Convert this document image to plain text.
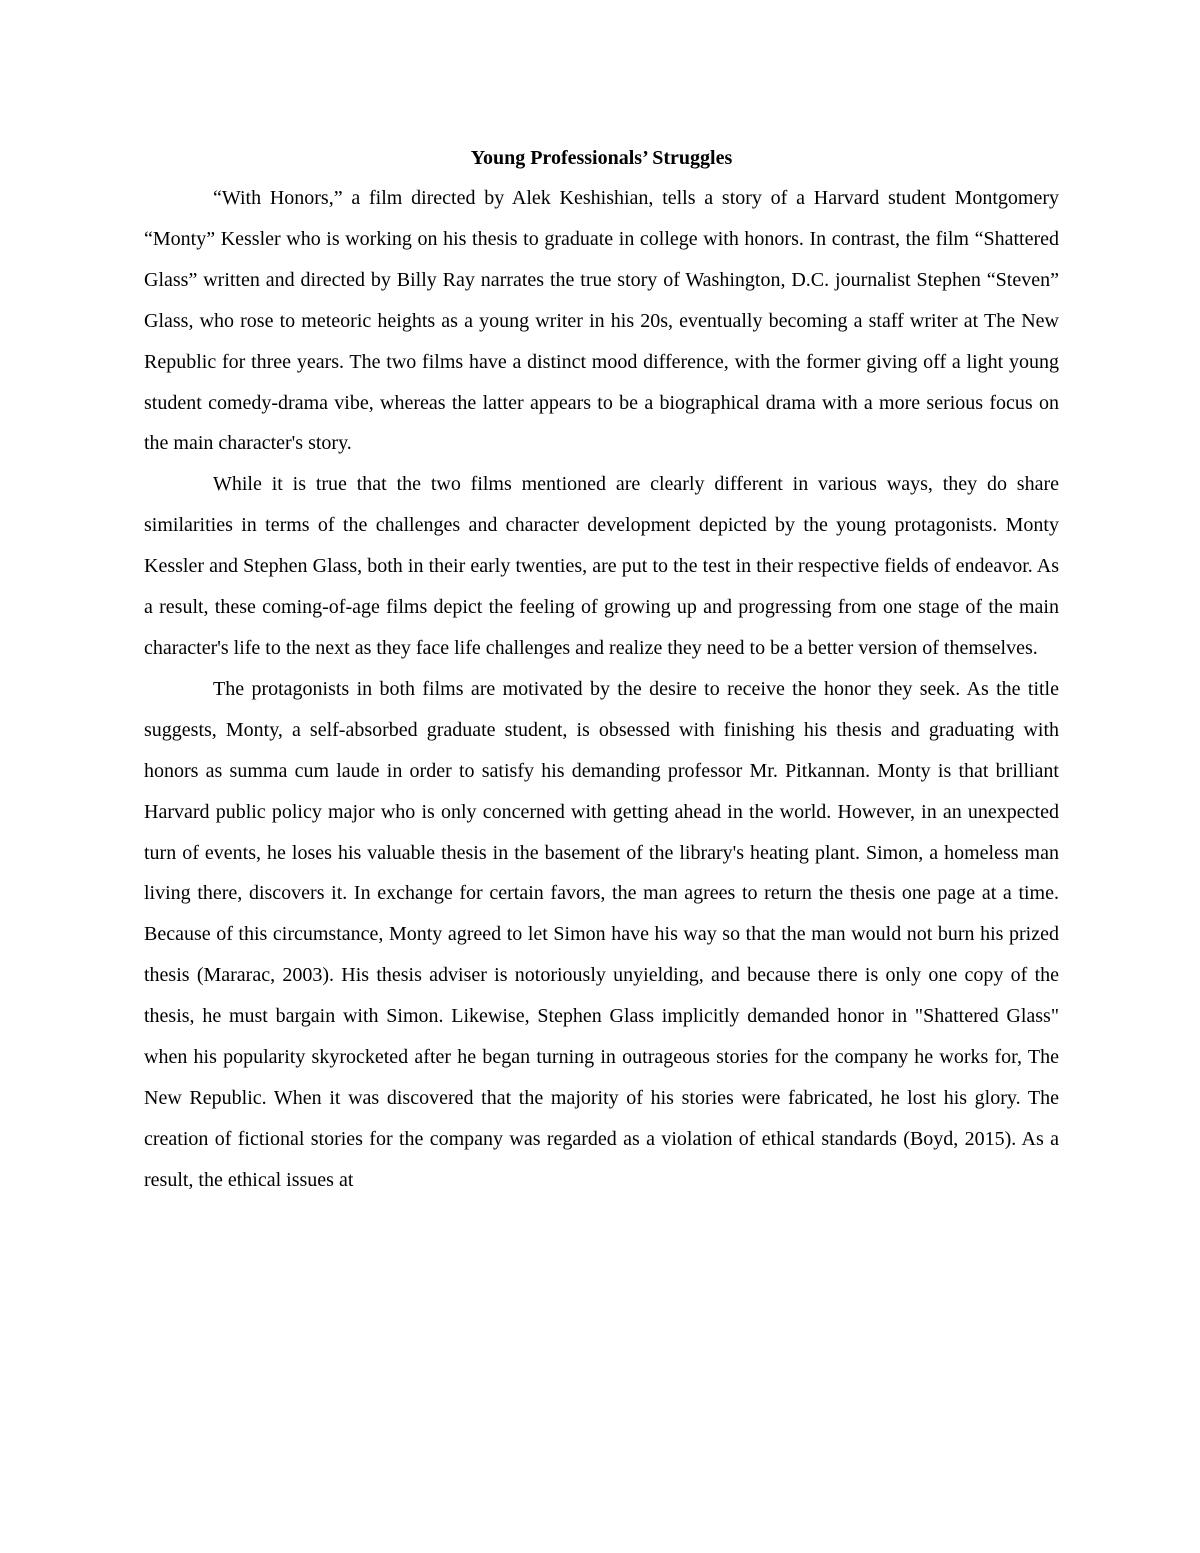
Young Professionals’ Struggles

“With Honors,” a film directed by Alek Keshishian, tells a story of a Harvard student Montgomery “Monty” Kessler who is working on his thesis to graduate in college with honors. In contrast, the film “Shattered Glass” written and directed by Billy Ray narrates the true story of Washington, D.C. journalist Stephen “Steven” Glass, who rose to meteoric heights as a young writer in his 20s, eventually becoming a staff writer at The New Republic for three years. The two films have a distinct mood difference, with the former giving off a light young student comedy-drama vibe, whereas the latter appears to be a biographical drama with a more serious focus on the main character's story.

While it is true that the two films mentioned are clearly different in various ways, they do share similarities in terms of the challenges and character development depicted by the young protagonists. Monty Kessler and Stephen Glass, both in their early twenties, are put to the test in their respective fields of endeavor. As a result, these coming-of-age films depict the feeling of growing up and progressing from one stage of the main character's life to the next as they face life challenges and realize they need to be a better version of themselves.

The protagonists in both films are motivated by the desire to receive the honor they seek. As the title suggests, Monty, a self-absorbed graduate student, is obsessed with finishing his thesis and graduating with honors as summa cum laude in order to satisfy his demanding professor Mr. Pitkannan. Monty is that brilliant Harvard public policy major who is only concerned with getting ahead in the world. However, in an unexpected turn of events, he loses his valuable thesis in the basement of the library's heating plant. Simon, a homeless man living there, discovers it. In exchange for certain favors, the man agrees to return the thesis one page at a time. Because of this circumstance, Monty agreed to let Simon have his way so that the man would not burn his prized thesis (Mararac, 2003). His thesis adviser is notoriously unyielding, and because there is only one copy of the thesis, he must bargain with Simon. Likewise, Stephen Glass implicitly demanded honor in "Shattered Glass" when his popularity skyrocketed after he began turning in outrageous stories for the company he works for, The New Republic. When it was discovered that the majority of his stories were fabricated, he lost his glory. The creation of fictional stories for the company was regarded as a violation of ethical standards (Boyd, 2015). As a result, the ethical issues at
